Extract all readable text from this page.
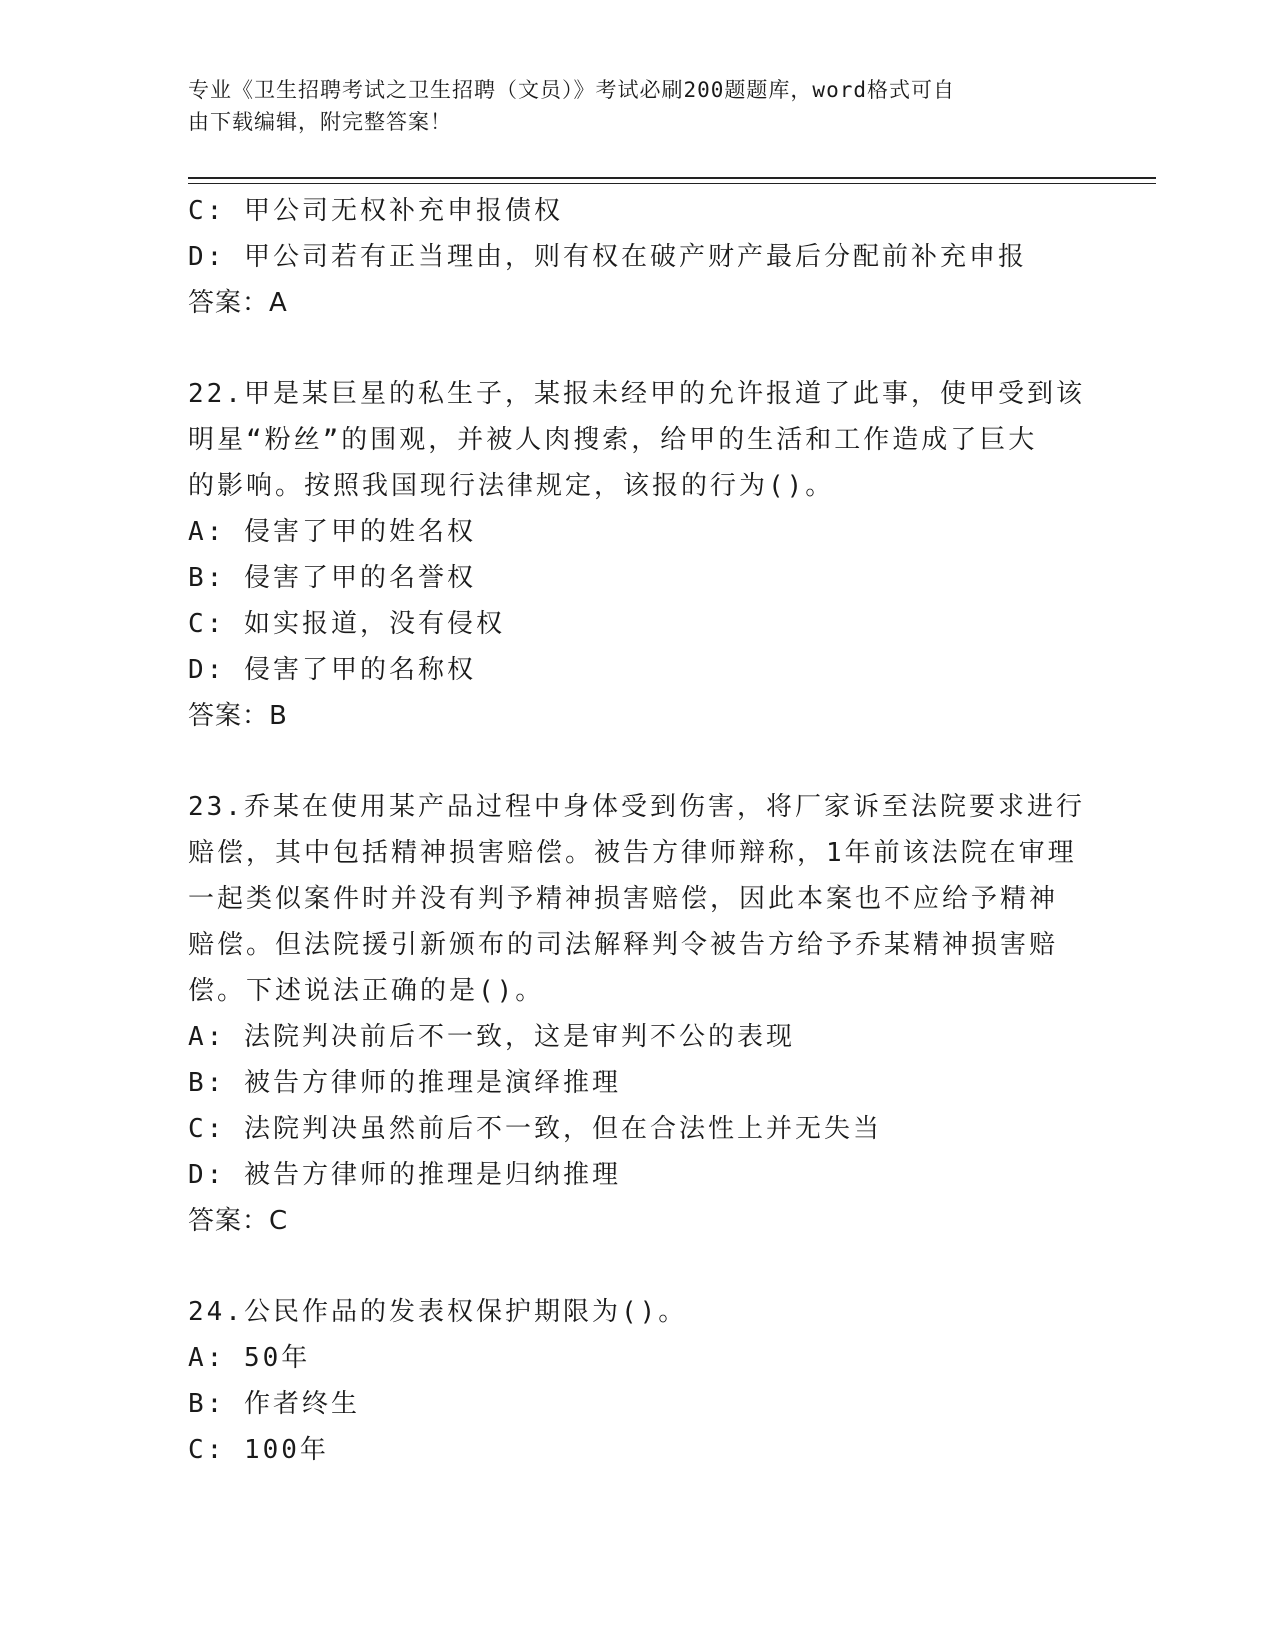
专业《卫生招聘考试之卫生招聘（文员）》考试必刷200题题库，word格式可自
由下载编辑，附完整答案！
C: 甲公司无权补充申报债权
D: 甲公司若有正当理由，则有权在破产财产最后分配前补充申报
答案：A
22.甲是某巨星的私生子，某报未经甲的允许报道了此事，使甲受到该
明星“粉丝”的围观，并被人肉搜索，给甲的生活和工作造成了巨大
的影响。按照我国现行法律规定，该报的行为()。
A: 侵害了甲的姓名权
B: 侵害了甲的名誉权
C: 如实报道，没有侵权
D: 侵害了甲的名称权
答案：B
23.乔某在使用某产品过程中身体受到伤害，将厂家诉至法院要求进行
赔偿，其中包括精神损害赔偿。被告方律师辩称，1年前该法院在审理
一起类似案件时并没有判予精神损害赔偿，因此本案也不应给予精神
赔偿。但法院援引新颁布的司法解释判令被告方给予乔某精神损害赔
偿。下述说法正确的是()。
A: 法院判决前后不一致，这是审判不公的表现
B: 被告方律师的推理是演绎推理
C: 法院判决虽然前后不一致，但在合法性上并无失当
D: 被告方律师的推理是归纳推理
答案：C
24.公民作品的发表权保护期限为()。
A: 50年
B: 作者终生
C: 100年
